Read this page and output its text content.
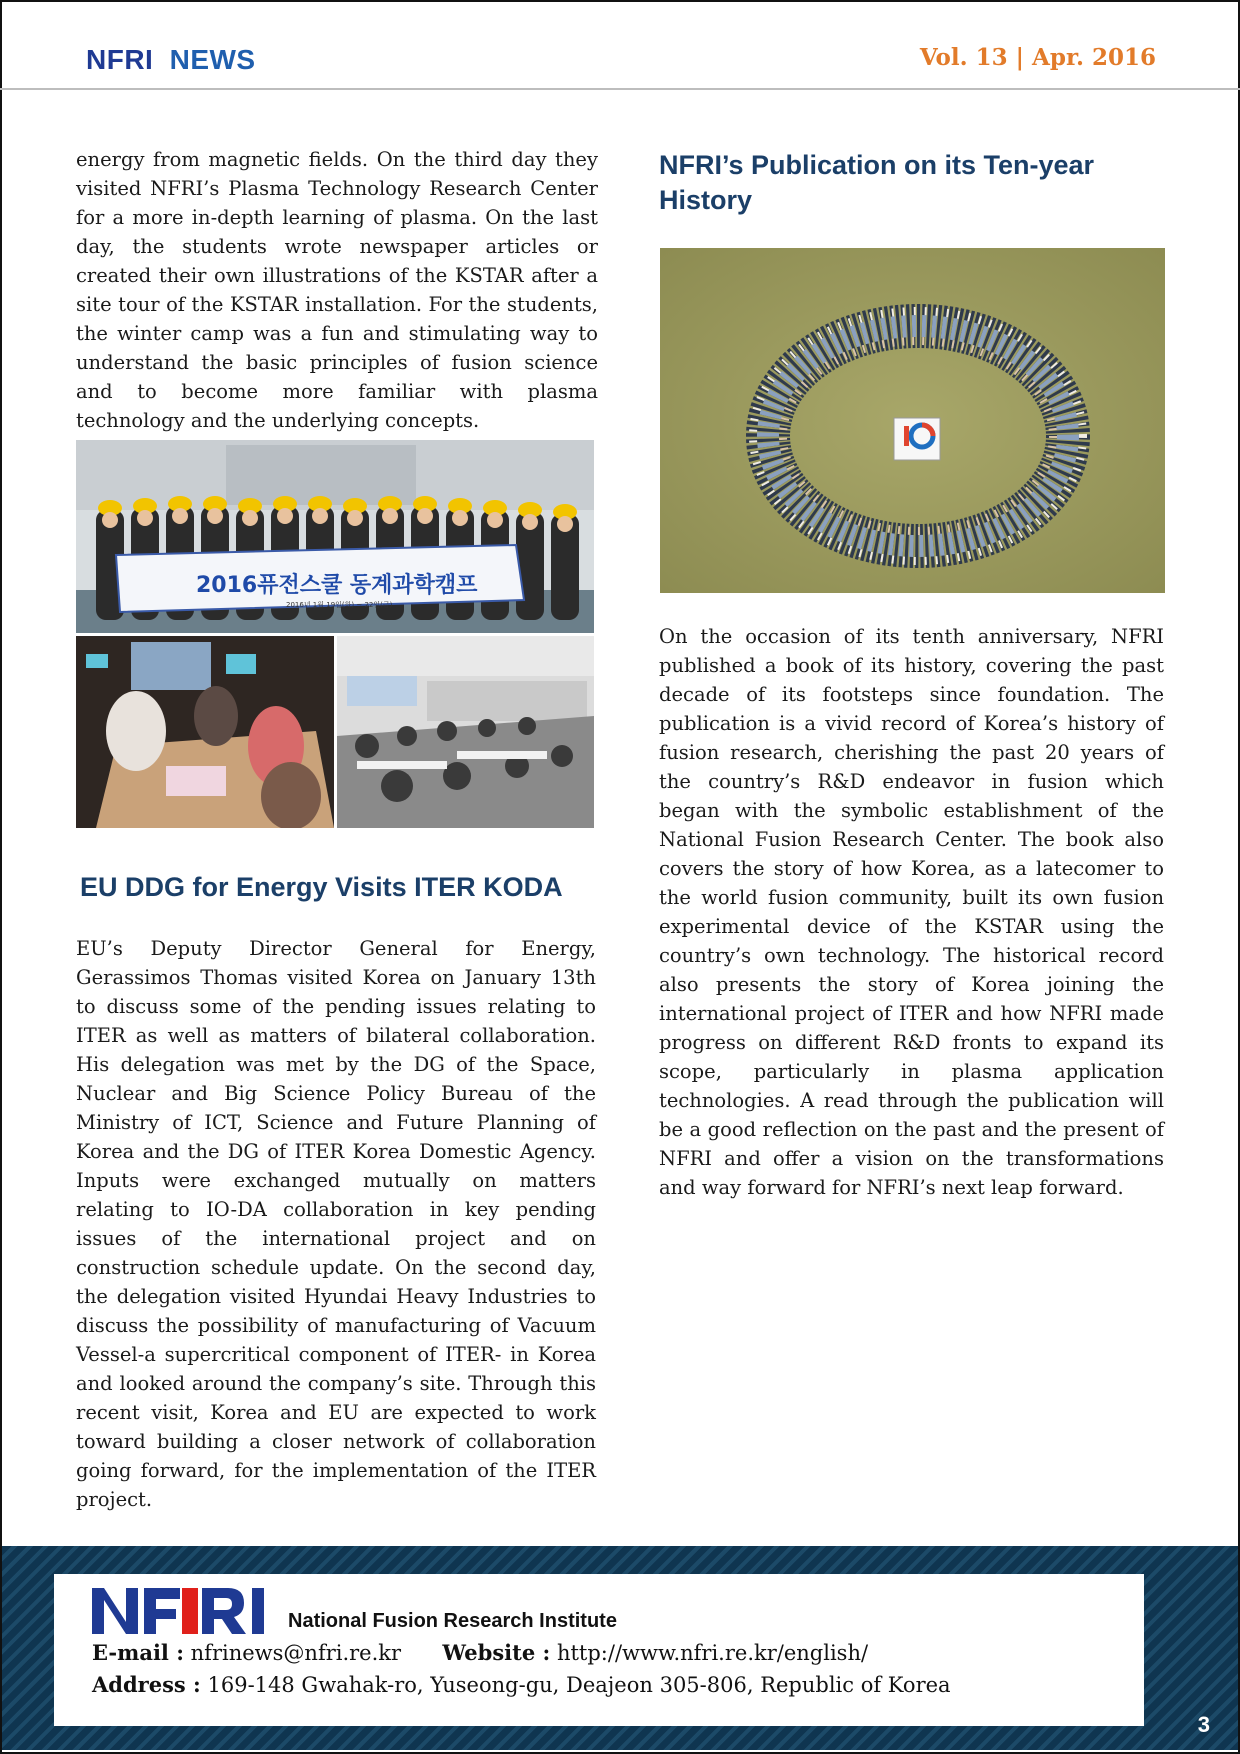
NFRI NEWS	Vol. 13 | Apr. 2016
energy from magnetic fields. On the third day they visited NFRI’s Plasma Technology Research Center for a more in-depth learning of plasma. On the last day, the students wrote newspaper articles or created their own illustrations of the KSTAR after a site tour of the KSTAR installation. For the students, the winter camp was a fun and stimulating way to understand the basic principles of fusion science and to become more familiar with plasma technology and the underlying concepts.
2016퓨전스쿨 동계과학캠프
2016년 1월 19일(화) ~ 22일(금)
EU DDG for Energy Visits ITER KODA
EU’s Deputy Director General for Energy, Gerassimos Thomas visited Korea on January 13th to discuss some of the pending issues relating to ITER as well as matters of bilateral collaboration. His delegation was met by the DG of the Space, Nuclear and Big Science Policy Bureau of the Ministry of ICT, Science and Future Planning of Korea and the DG of ITER Korea Domestic Agency. Inputs were exchanged mutually on matters relating to IO-DA collaboration in key pending issues of the international project and on construction schedule update. On the second day, the delegation visited Hyundai Heavy Industries to discuss the possibility of manufacturing of Vacuum Vessel-a supercritical component of ITER- in Korea and looked around the company’s site. Through this recent visit, Korea and EU are expected to work toward building a closer network of collaboration going forward, for the implementation of the ITER project.
NFRI’s Publication on its Ten-year History
On the occasion of its tenth anniversary, NFRI published a book of its history, covering the past decade of its footsteps since foundation. The publication is a vivid record of Korea’s history of fusion research, cherishing the past 20 years of the country’s R&D endeavor in fusion which began with the symbolic establishment of the National Fusion Research Center. The book also covers the story of how Korea, as a latecomer to the world fusion community, built its own fusion experimental device of the KSTAR using the country’s own technology. The historical record also presents the story of Korea joining the international project of ITER and how NFRI made progress on different R&D fronts to expand its scope, particularly in plasma application technologies. A read through the publication will be a good reflection on the past and the present of NFRI and offer a vision on the transformations and way forward for NFRI’s next leap forward.
National Fusion Research Institute
E-mail : nfrinews@nfri.re.kr Website : http://www.nfri.re.kr/english/
Address : 169-148 Gwahak-ro, Yuseong-gu, Deajeon 305-806, Republic of Korea
3
